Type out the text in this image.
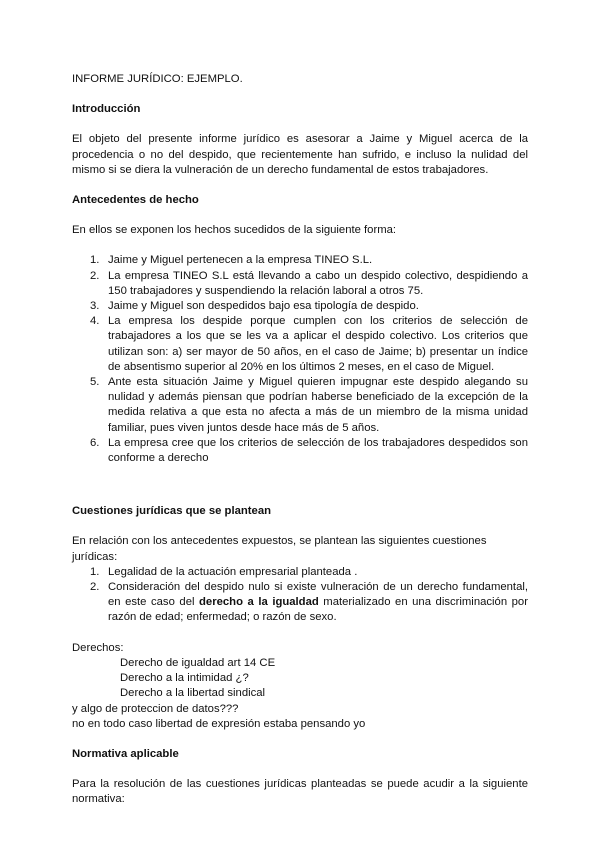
INFORME JURÍDICO: EJEMPLO.

Introducción

El objeto del presente informe jurídico es asesorar a Jaime y Miguel acerca de la procedencia o no del despido, que recientemente han sufrido, e incluso la nulidad del mismo si se diera la vulneración de un derecho fundamental de estos trabajadores.

Antecedentes de hecho

En ellos se exponen los hechos sucedidos de la siguiente forma:

1. Jaime y Miguel pertenecen a la empresa TINEO S.L.
2. La empresa TINEO S.L está llevando a cabo un despido colectivo, despidiendo a 150 trabajadores y suspendiendo la relación laboral a otros 75.
3. Jaime y Miguel son despedidos bajo esa tipología de despido.
4. La empresa los despide porque cumplen con los criterios de selección de trabajadores a los que se les va a aplicar el despido colectivo. Los criterios que utilizan son: a) ser mayor de 50 años, en el caso de Jaime; b) presentar un índice de absentismo superior al 20% en los últimos 2 meses, en el caso de Miguel.
5. Ante esta situación Jaime y Miguel quieren impugnar este despido alegando su nulidad y además piensan que podrían haberse beneficiado de la excepción de la medida relativa a que esta no afecta a más de un miembro de la misma unidad familiar, pues viven juntos desde hace más de 5 años.
6. La empresa cree que los criterios de selección de los trabajadores despedidos son conforme a derecho
Cuestiones jurídicas que se plantean

En relación con los antecedentes expuestos, se plantean las siguientes cuestiones jurídicas:

1. Legalidad de la actuación empresarial planteada .
2. Consideración del despido nulo si existe vulneración de un derecho fundamental, en este caso del derecho a la igualdad materializado en una discriminación por razón de edad; enfermedad; o razón de sexo.

Derechos:

Derecho de igualdad art 14 CE

Derecho a la intimidad ¿?

Derecho a la libertad sindical

y algo de proteccion de datos???

no en todo caso libertad de expresión estaba pensando yo

Normativa aplicable

Para la resolución de las cuestiones jurídicas planteadas se puede acudir a la siguiente normativa:
